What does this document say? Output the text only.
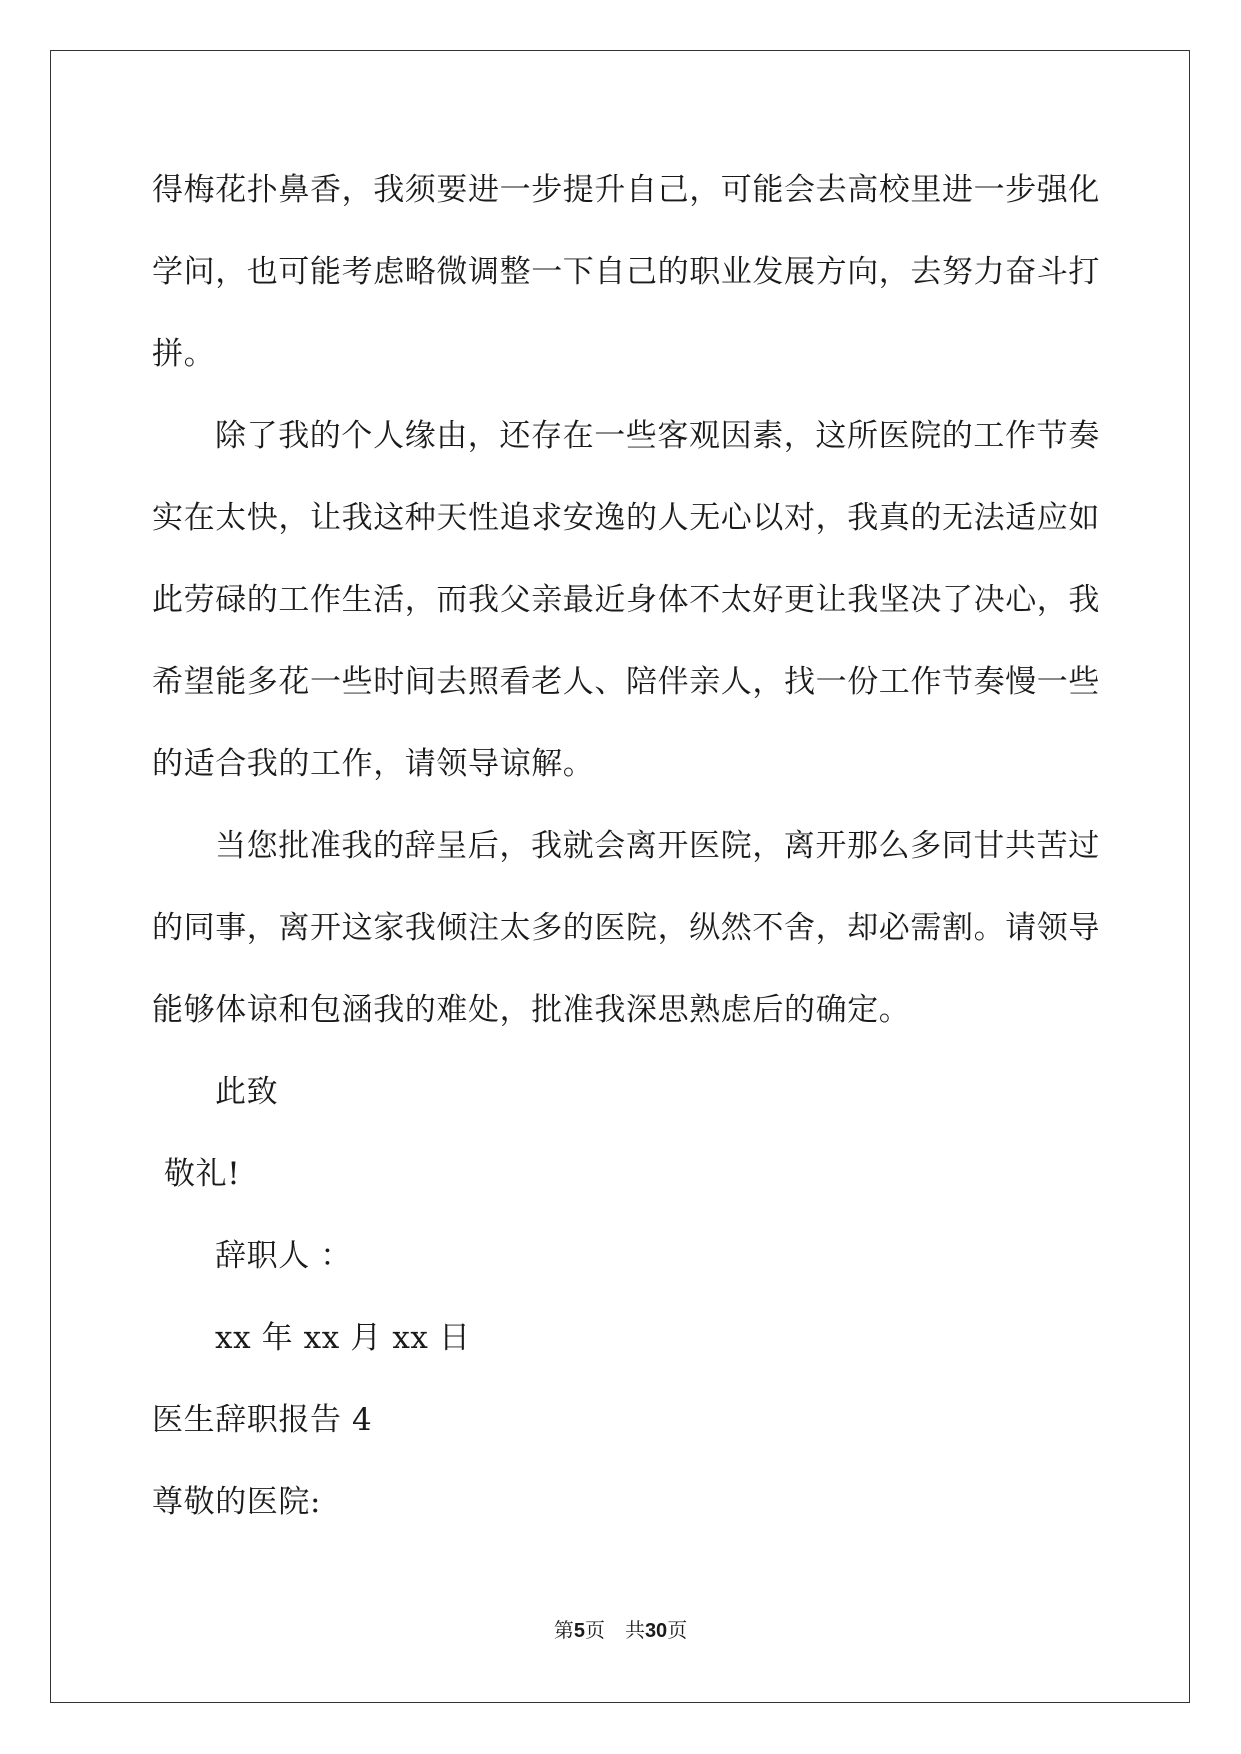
得梅花扑鼻香，我须要进一步提升自己，可能会去高校里进一步强化
学问，也可能考虑略微调整一下自己的职业发展方向，去努力奋斗打
拼。
除了我的个人缘由，还存在一些客观因素，这所医院的工作节奏
实在太快，让我这种天性追求安逸的人无心以对，我真的无法适应如
此劳碌的工作生活，而我父亲最近身体不太好更让我坚决了决心，我
希望能多花一些时间去照看老人、陪伴亲人，找一份工作节奏慢一些
的适合我的工作，请领导谅解。
当您批准我的辞呈后，我就会离开医院，离开那么多同甘共苦过
的同事，离开这家我倾注太多的医院，纵然不舍，却必需割。请领导
能够体谅和包涵我的难处，批准我深思熟虑后的确定。
此致
敬礼!
辞职人 ：
xx 年 xx 月 xx 日
医生辞职报告 4
尊敬的医院:
第5页 共30页
